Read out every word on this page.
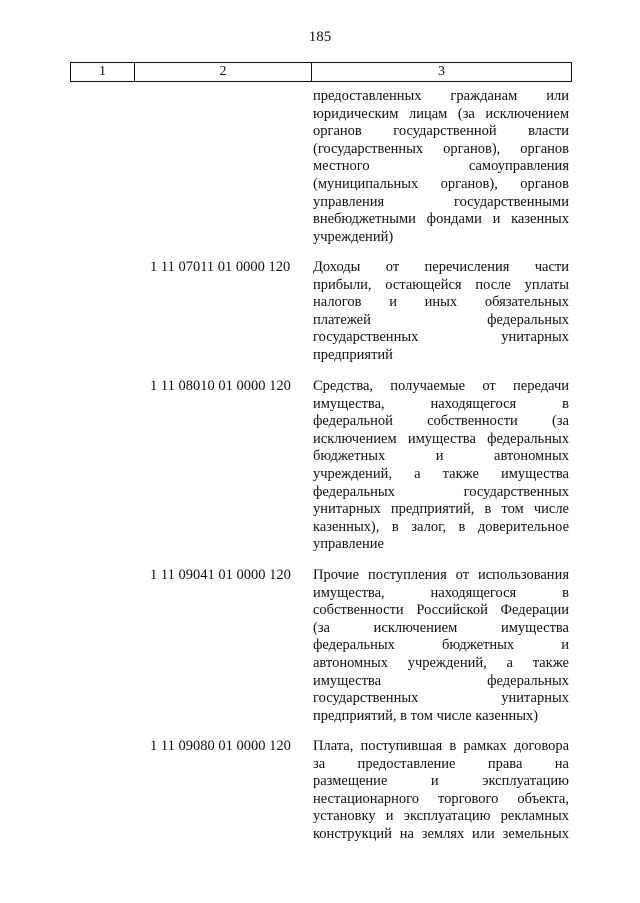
185
1	2	3
предоставленных гражданам или
юридическим лицам (за исключением
органов государственной власти
(государственных органов), органов
местного самоуправления
(муниципальных органов), органов
управления государственными
внебюджетными фондами и казенных
учреждений)
1 11 07011 01 0000 120 Доходы от перечисления части
прибыли, остающейся после уплаты
налогов и иных обязательных
платежей федеральных
государственных унитарных
предприятий
1 11 08010 01 0000 120 Средства, получаемые от передачи
имущества, находящегося в
федеральной собственности (за
исключением имущества федеральных
бюджетных и автономных
учреждений, а также имущества
федеральных государственных
унитарных предприятий, в том числе
казенных), в залог, в доверительное
управление
1 11 09041 01 0000 120 Прочие поступления от использования
имущества, находящегося в
собственности Российской Федерации
(за исключением имущества
федеральных бюджетных и
автономных учреждений, а также
имущества федеральных
государственных унитарных
предприятий, в том числе казенных)
1 11 09080 01 0000 120 Плата, поступившая в рамках договора
за предоставление права на
размещение и эксплуатацию
нестационарного торгового объекта,
установку и эксплуатацию рекламных
конструкций на землях или земельных
